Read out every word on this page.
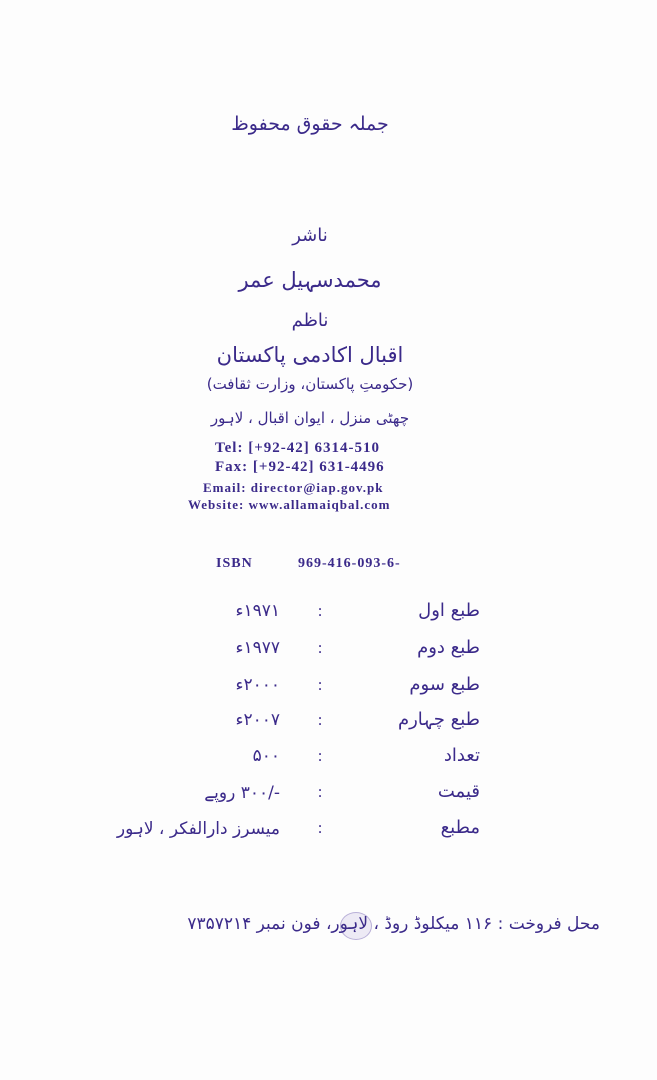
جملہ حقوق محفوظ
ناشر
محمدسہیل عمر
ناظم
اقبال اکادمی پاکستان
(حکومتِ پاکستان، وزارت ثقافت)
چھٹی منزل ، ایوان اقبال ، لاہور
Tel: [+92-42] 6314-510
Fax: [+92-42] 631-4496
Email: director@iap.gov.pk
Website: www.allamaiqbal.com
ISBN	969-416-093-6-
طبع اول
:
۱۹۷۱ء
طبع دوم
:
۱۹۷۷ء
طبع سوم
:
۲۰۰۰ء
طبع چہارم
:
۲۰۰۷ء
تعداد
:
۵۰۰
قیمت
:
-/۳۰۰ روپے
مطبع
:
میسرز دارالفکر ، لاہور
محل فروخت : ۱۱۶ میکلوڈ روڈ ، لاہور، فون نمبر ۷۳۵۷۲۱۴
